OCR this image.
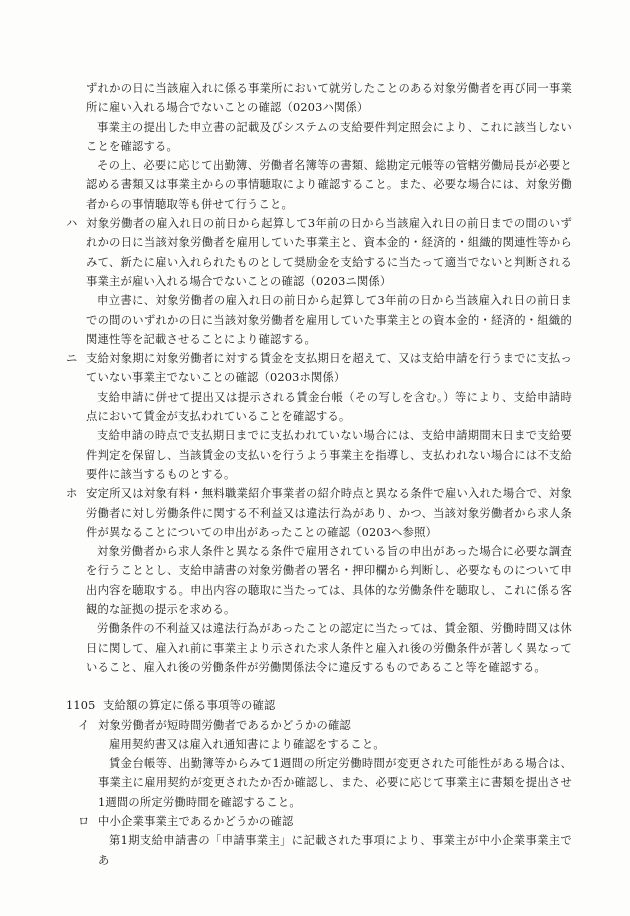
ずれかの日に当該雇入れに係る事業所において就労したことのある対象労働者を再び同一事業所に雇い入れる場合でないことの確認（0203ハ関係）
事業主の提出した申立書の記載及びシステムの支給要件判定照会により、これに該当しないことを確認する。
その上、必要に応じて出勤簿、労働者名簿等の書類、総勘定元帳等の管轄労働局長が必要と認める書類又は事業主からの事情聴取により確認すること。また、必要な場合には、対象労働者からの事情聴取等も併せて行うこと。
ハ 対象労働者の雇入れ日の前日から起算して3年前の日から当該雇入れ日の前日までの間のいずれかの日に当該対象労働者を雇用していた事業主と、資本金的・経済的・組織的関連性等からみて、新たに雇い入れられたものとして奨励金を支給するに当たって適当でないと判断される事業主が雇い入れる場合でないことの確認（0203ニ関係）
申立書に、対象労働者の雇入れ日の前日から起算して3年前の日から当該雇入れ日の前日までの間のいずれかの日に当該対象労働者を雇用していた事業主との資本金的・経済的・組織的関連性等を記載させることにより確認する。
ニ 支給対象期に対象労働者に対する賃金を支払期日を超えて、又は支給申請を行うまでに支払っていない事業主でないことの確認（0203ホ関係）
支給申請に併せて提出又は提示される賃金台帳（その写しを含む。）等により、支給申請時点において賃金が支払われていることを確認する。
支給申請の時点で支払期日までに支払われていない場合には、支給申請期間末日まで支給要件判定を保留し、当該賃金の支払いを行うよう事業主を指導し、支払われない場合には不支給要件に該当するものとする。
ホ 安定所又は対象有料・無料職業紹介事業者の紹介時点と異なる条件で雇い入れた場合で、対象労働者に対し労働条件に関する不利益又は違法行為があり、かつ、当該対象労働者から求人条件が異なることについての申出があったことの確認（0203ヘ参照）
対象労働者から求人条件と異なる条件で雇用されている旨の申出があった場合に必要な調査を行うこととし、支給申請書の対象労働者の署名・押印欄から判断し、必要なものについて申出内容を聴取する。申出内容の聴取に当たっては、具体的な労働条件を聴取し、これに係る客観的な証拠の提示を求める。
労働条件の不利益又は違法行為があったことの認定に当たっては、賃金額、労働時間又は休日に関して、雇入れ前に事業主より示された求人条件と雇入れ後の労働条件が著しく異なっていること、雇入れ後の労働条件が労働関係法令に違反するものであること等を確認する。
1105 支給額の算定に係る事項等の確認
イ 対象労働者が短時間労働者であるかどうかの確認
雇用契約書又は雇入れ通知書により確認をすること。
賃金台帳等、出勤簿等からみて1週間の所定労働時間が変更された可能性がある場合は、事業主に雇用契約が変更されたか否か確認し、また、必要に応じて事業主に書類を提出させ1週間の所定労働時間を確認すること。
ロ 中小企業事業主であるかどうかの確認
第1期支給申請書の「申請事業主」に記載された事項により、事業主が中小企業事業主であ
